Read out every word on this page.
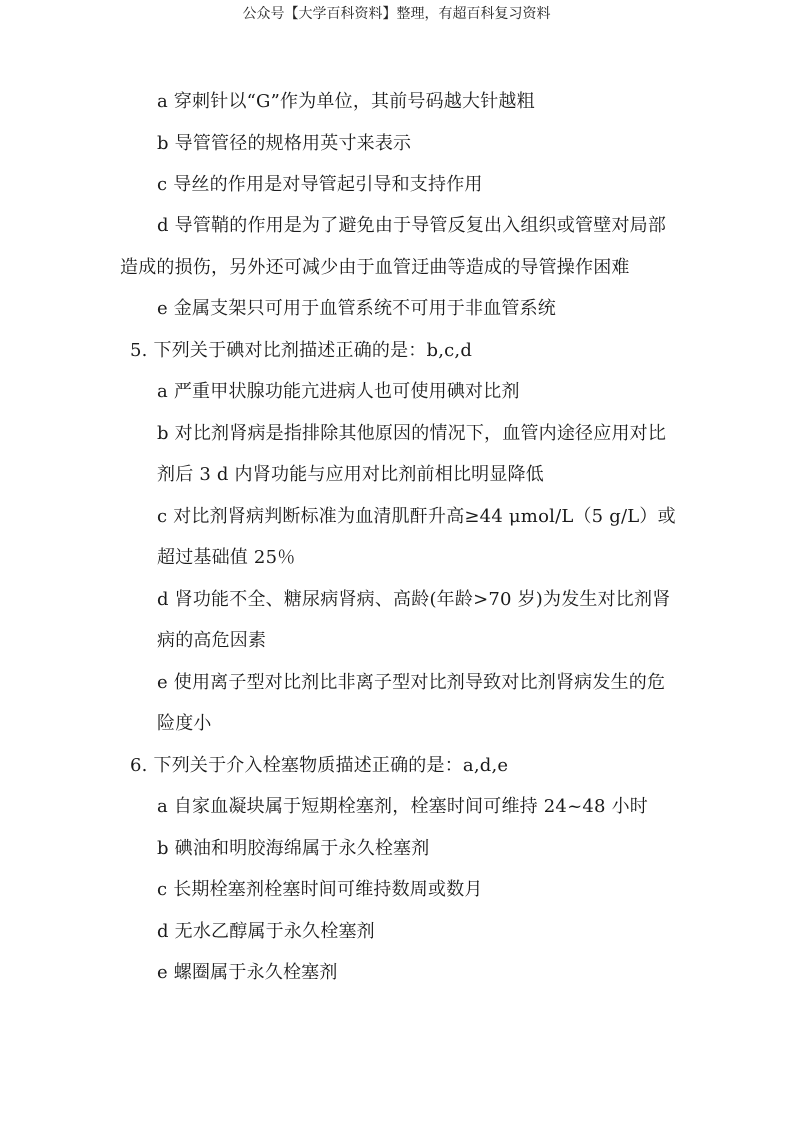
公众号【大学百科资料】整理，有超百科复习资料
a 穿刺针以“G”作为单位，其前号码越大针越粗
b 导管管径的规格用英寸来表示
c 导丝的作用是对导管起引导和支持作用
d 导管鞘的作用是为了避免由于导管反复出入组织或管壁对局部
造成的损伤，另外还可减少由于血管迂曲等造成的导管操作困难
e 金属支架只可用于血管系统不可用于非血管系统
5. 下列关于碘对比剂描述正确的是：b,c,d
a 严重甲状腺功能亢进病人也可使用碘对比剂
b 对比剂肾病是指排除其他原因的情况下，血管内途径应用对比
剂后 3 d 内肾功能与应用对比剂前相比明显降低
c 对比剂肾病判断标准为血清肌酐升高≥44 μmol/L（5 g/L）或
超过基础值 25％
d 肾功能不全、糖尿病肾病、高龄(年龄>70 岁)为发生对比剂肾
病的高危因素
e 使用离子型对比剂比非离子型对比剂导致对比剂肾病发生的危
险度小
6. 下列关于介入栓塞物质描述正确的是：a,d,e
a 自家血凝块属于短期栓塞剂，栓塞时间可维持 24~48 小时
b 碘油和明胶海绵属于永久栓塞剂
c 长期栓塞剂栓塞时间可维持数周或数月
d 无水乙醇属于永久栓塞剂
e 螺圈属于永久栓塞剂
